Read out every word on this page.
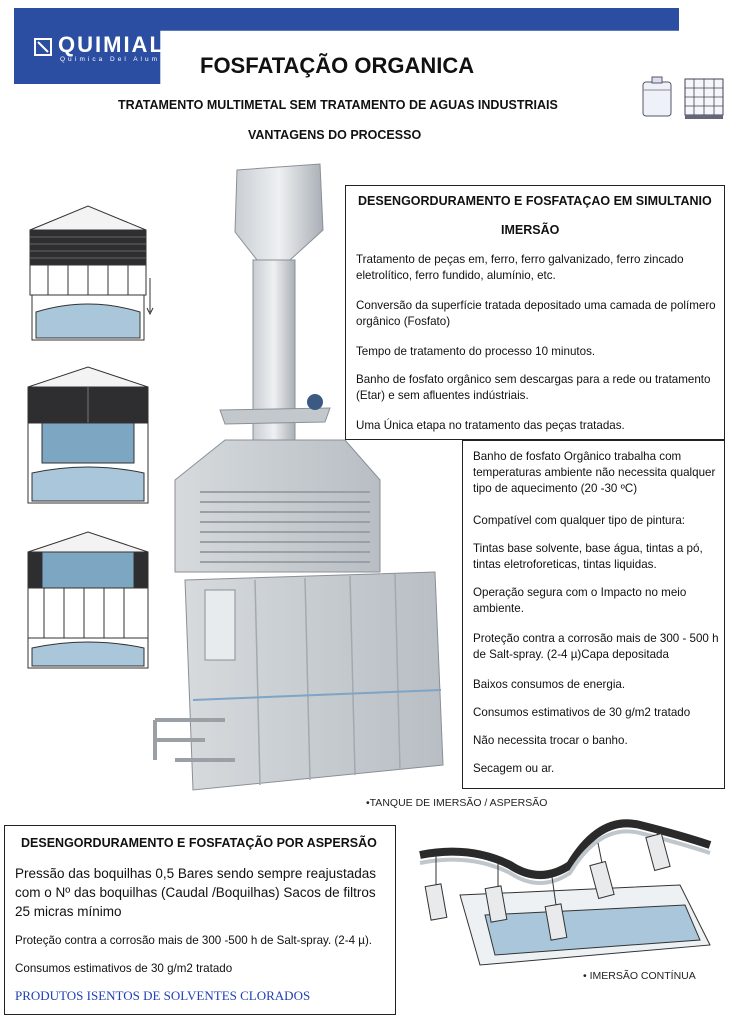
QUIMIAL
Química Del Alumínio FOSFATAÇÃO ORGANICA
TRATAMENTO MULTIMETAL SEM TRATAMENTO DE AGUAS INDUSTRIAIS
VANTAGENS DO PROCESSO
DESENGORDURAMENTO E FOSFATAÇAO EM SIMULTANIO
IMERSÃO

Tratamento de peças em, ferro, ferro galvanizado, ferro zincado eletrolítico, ferro fundido, alumínio, etc.

Conversão da superfície tratada depositado uma camada de polímero orgânico (Fosfato)

Tempo de tratamento do processo 10 minutos.

Banho de fosfato orgânico sem descargas para a rede ou tratamento (Etar) e sem afluentes indústriais.

Uma Única etapa no tratamento das peças tratadas.

Banho de fosfato Orgânico trabalha com temperaturas ambiente não necessita qualquer tipo de aquecimento (20 -30 ºC)

Compatível com qualquer tipo de pintura:

Tintas base solvente, base água, tintas a pó, tintas eletroforeticas, tintas liquidas.

Operação segura com o Impacto no meio ambiente.

Proteção contra a corrosão mais de 300 - 500 h de Salt-spray. (2-4 µ)Capa depositada

Baixos consumos de energia.

Consumos estimativos de 30 g/m2 tratado

Não necessita trocar o banho.

Secagem ou ar.

•TANQUE DE IMERSÃO / ASPERSÃO
DESENGORDURAMENTO E FOSFATAÇÃO POR ASPERSÃO
Pressão das boquilhas 0,5 Bares sendo sempre reajustadas com o Nº das boquilhas (Caudal /Boquilhas) Sacos de filtros 25 micras mínimo
Proteção contra a corrosão mais de 300 -500 h de Salt-spray. (2-4 µ).
Consumos estimativos de 30 g/m2 tratado
PRODUTOS ISENTOS DE SOLVENTES CLORADOS
• IMERSÃO CONTÍNUA
